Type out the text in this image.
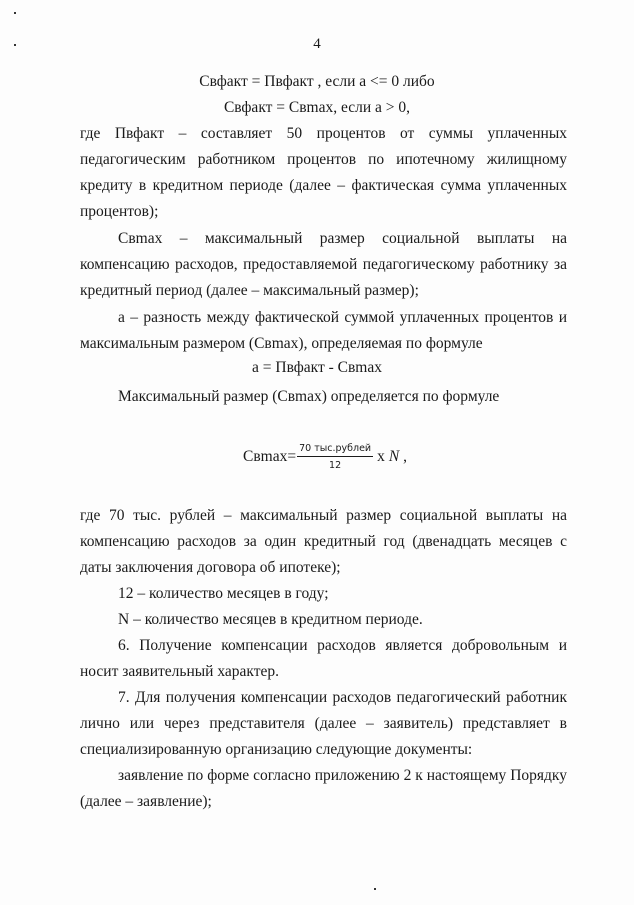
4
Свфакт = Пвфакт , если а <= 0 либо
Свфакт = Свmax, если а > 0,
где Пвфакт – составляет 50 процентов от суммы уплаченных педагогическим работником процентов по ипотечному жилищному кредиту в кредитном периоде (далее – фактическая сумма уплаченных процентов);
Свmax – максимальный размер социальной выплаты на компенсацию расходов, предоставляемой педагогическому работнику за кредитный период (далее – максимальный размер);
а – разность между фактической суммой уплаченных процентов и максимальным размером (Свmax), определяемая по формуле
а = Пвфакт - Свmax
Максимальный размер (Свmax) определяется по формуле
$Св\max= \frac{\text{70 тыс.рублей}}{12}$ x N ,
где 70 тыс. рублей – максимальный размер социальной выплаты на компенсацию расходов за один кредитный год (двенадцать месяцев с даты заключения договора об ипотеке);
12 – количество месяцев в году;
N – количество месяцев в кредитном периоде.
6. Получение компенсации расходов является добровольным и носит заявительный характер.
7. Для получения компенсации расходов педагогический работник лично или через представителя (далее – заявитель) представляет в специализированную организацию следующие документы:
заявление по форме согласно приложению 2 к настоящему Порядку (далее – заявление);
